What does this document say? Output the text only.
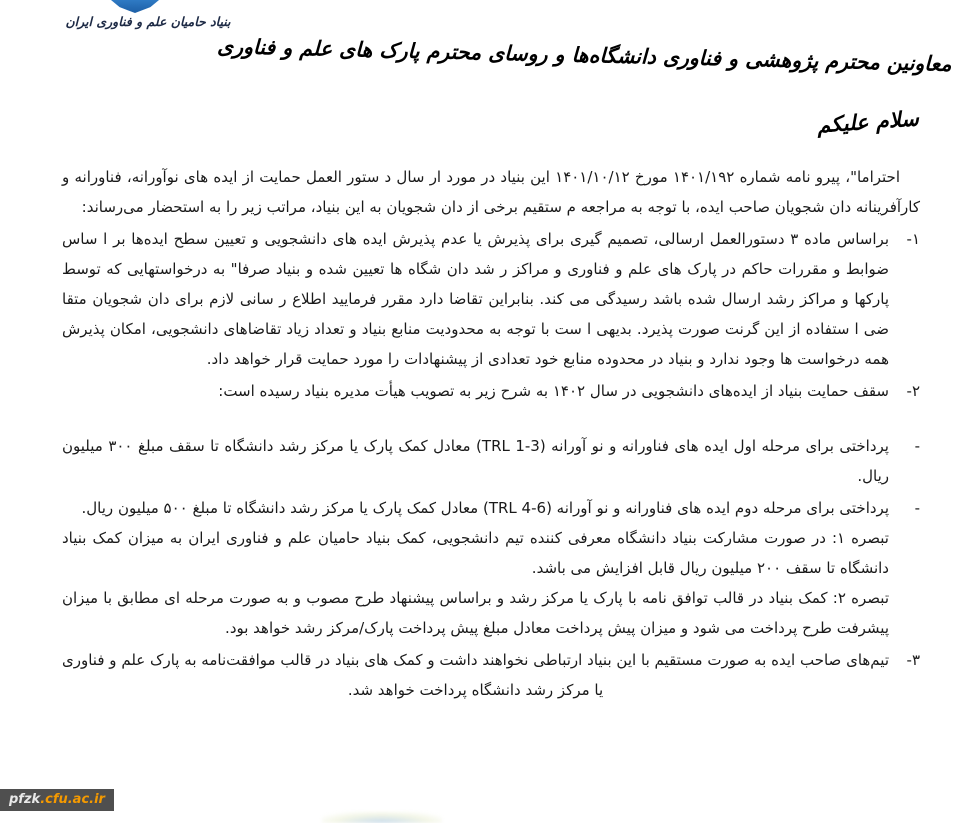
بنیاد حامیان علم و فناوری ایران
معاونین محترم پژوهشی و فناوری دانشگاه‌ها و روسای محترم پارک های علم و فناوری
سلام علیکم

احتراما"، پیرو نامه شماره ۱۴۰۱/۱۹۲ مورخ ۱۴۰۱/۱۰/۱۲ این بنیاد در مورد ار سال د ستور العمل حمایت از ایده های نوآورانه، فناورانه و کارآفرینانه دان شجویان صاحب ایده، با توجه به مراجعه م ستقیم برخی از دان شجویان به این بنیاد، مراتب زیر را به استحضار می‌رساند:

۱-

براساس ماده ۳ دستورالعمل ارسالی، تصمیم گیری برای پذیرش یا عدم پذیرش ایده های دانشجویی و تعیین سطح ایده‌ها بر ا ساس ضوابط و مقررات حاکم در پارک های علم و فناوری و مراکز ر شد دان شگاه ها تعیین شده و بنیاد صرفا" به درخواستهایی که توسط پارکها و مراکز رشد ارسال شده باشد رسیدگی می کند. بنابراین تقاضا دارد مقرر فرمایید اطلاع ر سانی لازم برای دان شجویان متقا ضی ا ستفاده از این گرنت صورت پذیرد. بدیهی ا ست با توجه به محدودیت منابع بنیاد و تعداد زیاد تقاضاهای دانشجویی، امکان پذیرش همه درخواست ها وجود ندارد و بنیاد در محدوده منابع خود تعدادی از پیشنهادات را مورد حمایت قرار خواهد داد.

۲-

سقف حمایت بنیاد از ایده‌های دانشجویی در سال ۱۴۰۲ به شرح زیر به تصویب هیأت مدیره بنیاد رسیده است:

-

پرداختی برای مرحله اول ایده های فناورانه و نو آورانه (TRL 1-3) معادل کمک پارک یا مرکز رشد دانشگاه تا سقف مبلغ ۳۰۰ میلیون ریال.

-

پرداختی برای مرحله دوم ایده های فناورانه و نو آورانه (TRL 4-6) معادل کمک پارک یا مرکز رشد دانشگاه تا مبلغ ۵۰۰ میلیون ریال.

تبصره ۱: در صورت مشارکت بنیاد دانشگاه معرفی کننده تیم دانشجویی، کمک بنیاد حامیان علم و فناوری ایران به میزان کمک بنیاد دانشگاه تا سقف ۲۰۰ میلیون ریال قابل افزایش می باشد.

تبصره ۲: کمک بنیاد در قالب توافق نامه با پارک یا مرکز رشد و براساس پیشنهاد طرح مصوب و به صورت مرحله ای مطابق با میزان پیشرفت طرح پرداخت می شود و میزان پیش پرداخت معادل مبلغ پیش پرداخت پارک/مرکز رشد خواهد بود.

۳-

تیم‌های صاحب ایده به صورت مستقیم با این بنیاد ارتباطی نخواهند داشت و کمک های بنیاد در قالب موافقت‌نامه به پارک علم و فناوری یا مرکز رشد دانشگاه پرداخت خواهد شد.

pfzk.cfu.ac.ir
